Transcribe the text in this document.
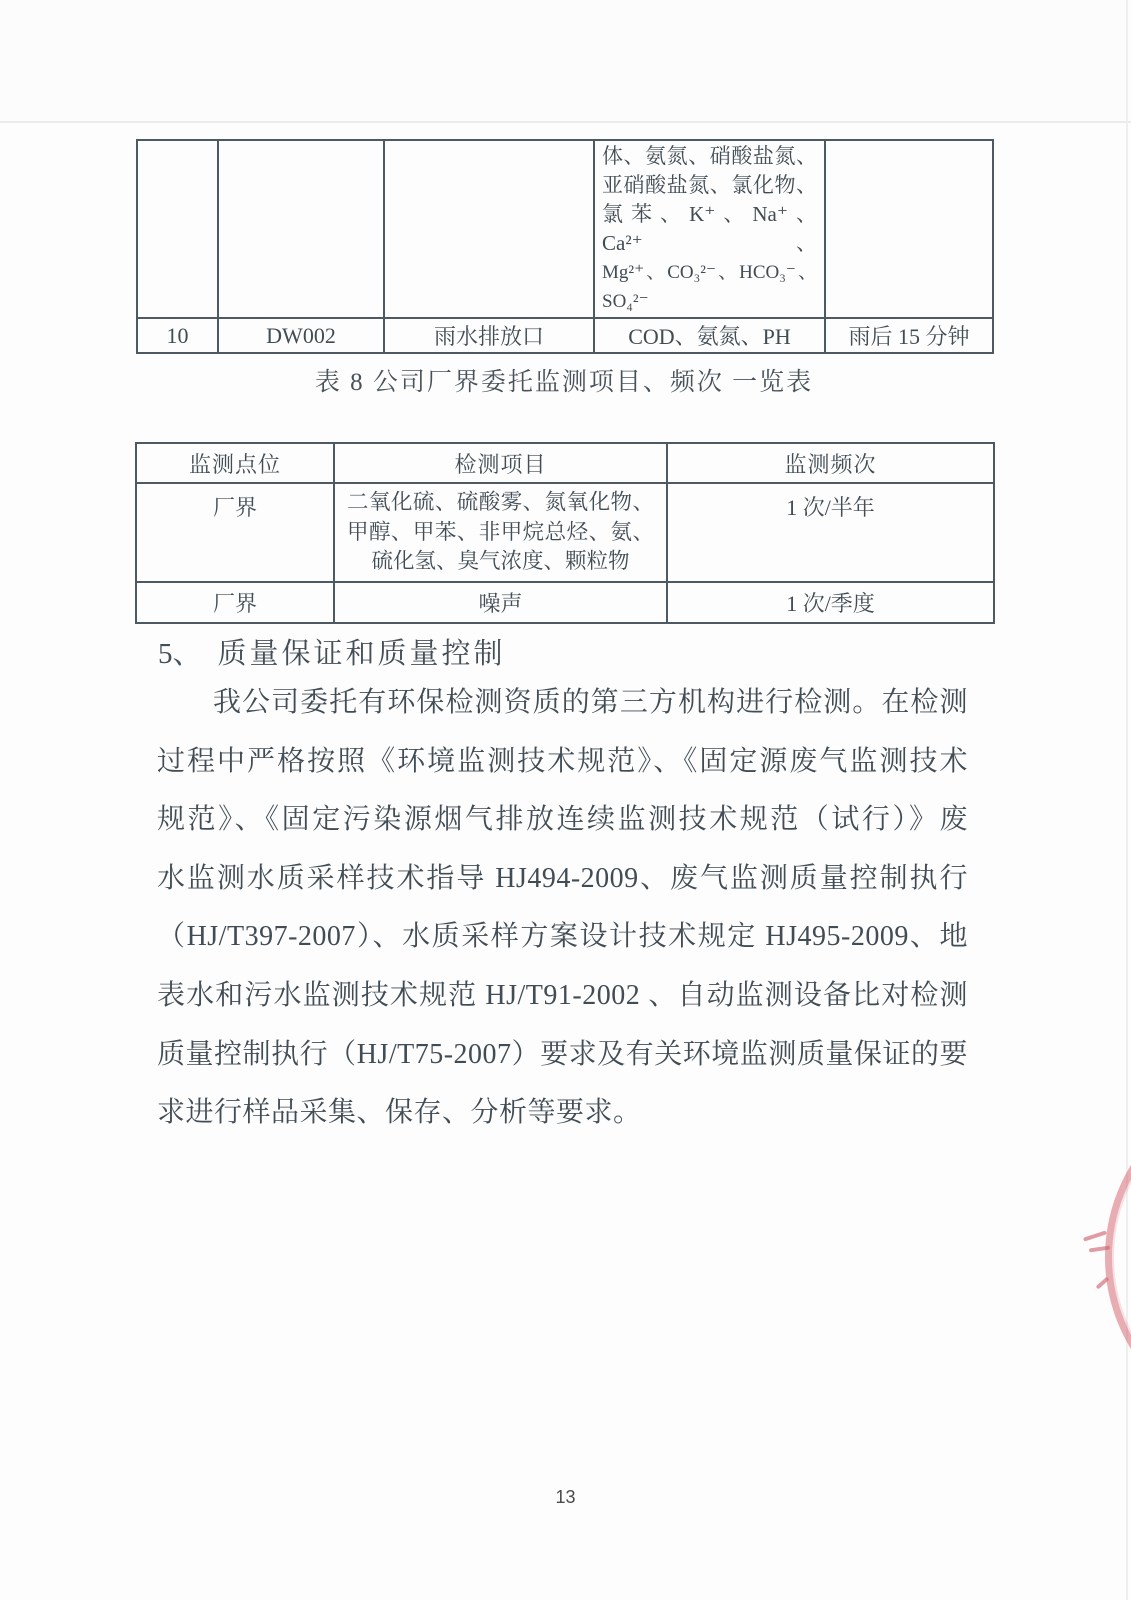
			体、氨氮、硝酸盐氮、
亚硝酸盐氮、氯化物、
氯苯、K⁺、Na⁺、Ca²⁺、
Mg²⁺、CO₃²⁻、HCO₃⁻、SO₄²⁻	

10	DW002	雨水排放口	COD、氨氮、PH	雨后 15 分钟
表 8 公司厂界委托监测项目、频次 一览表
监测点位	检测项目	监测频次
厂界	二氧化硫、硫酸雾、氮氧化物、
甲醇、甲苯、非甲烷总烃、氨、
硫化氢、臭气浓度、颗粒物	1 次/半年
厂界	噪声	1 次/季度
5、 质量保证和质量控制
我公司委托有环保检测资质的第三方机构进行检测。在检测
过程中严格按照《环境监测技术规范》、《固定源废气监测技术
规范》、《固定污染源烟气排放连续监测技术规范（试行）》废
水监测水质采样技术指导 HJ494-2009、废气监测质量控制执行
（HJ/T397-2007）、水质采样方案设计技术规定 HJ495-2009、地
表水和污水监测技术规范 HJ/T91-2002 、自动监测设备比对检测
质量控制执行（HJ/T75-2007）要求及有关环境监测质量保证的要
求进行样品采集、保存、分析等要求。
13
